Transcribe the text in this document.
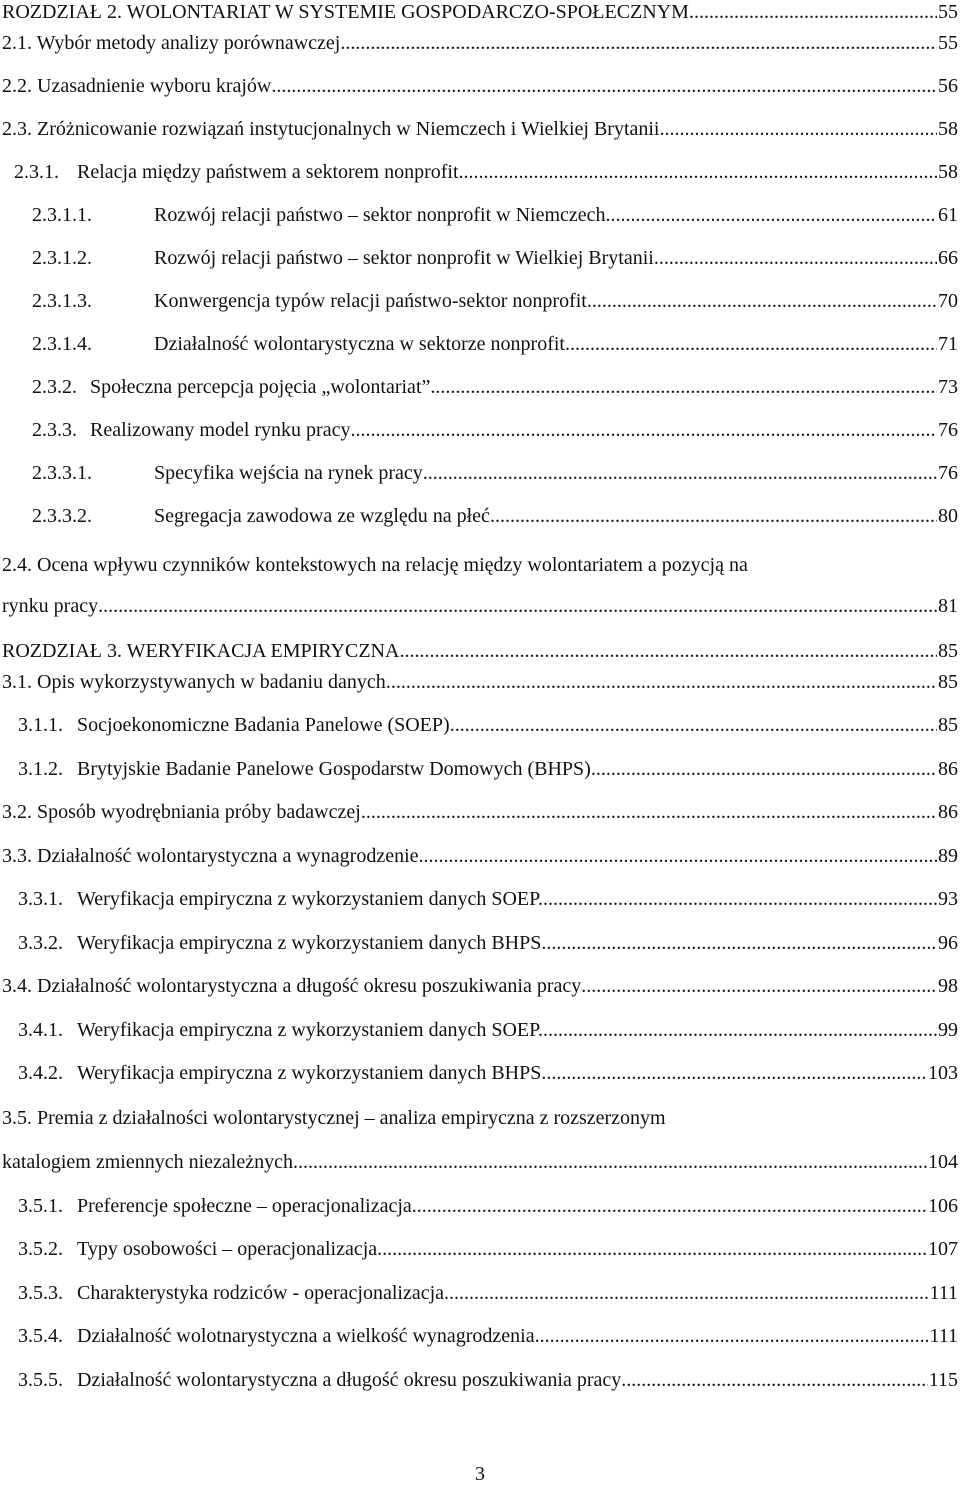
ROZDZIAŁ 2. WOLONTARIAT W SYSTEMIE GOSPODARCZO-SPOŁECZNYM .....	55
2.1. Wybór metody analizy porównawczej .....	55
2.2. Uzasadnienie wyboru krajów .....	56
2.3. Zróżnicowanie rozwiązań instytucjonalnych w Niemczech i Wielkiej Brytanii .....	58
2.3.1. Relacja między państwem a sektorem nonprofit .....	58
2.3.1.1.	Rozwój relacji państwo – sektor nonprofit w Niemczech .....	61
2.3.1.2.	Rozwój relacji państwo – sektor nonprofit w Wielkiej Brytanii .....	66
2.3.1.3.	Konwergencja typów relacji państwo-sektor nonprofit .....	70
2.3.1.4.	Działalność wolontarystyczna w sektorze nonprofit .....	71
2.3.2. Społeczna percepcja pojęcia „wolontariat” .....	73
2.3.3. Realizowany model rynku pracy .....	76
2.3.3.1.	Specyfika wejścia na rynek pracy .....	76
2.3.3.2.	Segregacja zawodowa ze względu na płeć .....	80
2.4. Ocena wpływu czynników kontekstowych na relację między wolontariatem a pozycją na
rynku pracy .....	81
ROZDZIAŁ 3. WERYFIKACJA EMPIRYCZNA .....	85
3.1. Opis wykorzystywanych w badaniu danych .....	85
3.1.1. Socjoekonomiczne Badania Panelowe (SOEP) .....	85
3.1.2. Brytyjskie Badanie Panelowe Gospodarstw Domowych (BHPS) .....	86
3.2. Sposób wyodrębniania próby badawczej .....	86
3.3. Działalność wolontarystyczna a wynagrodzenie .....	89
3.3.1. Weryfikacja empiryczna z wykorzystaniem danych SOEP. .....	93
3.3.2. Weryfikacja empiryczna z wykorzystaniem danych BHPS. .....	96
3.4. Działalność wolontarystyczna a długość okresu poszukiwania pracy .....	98
3.4.1. Weryfikacja empiryczna z wykorzystaniem danych SOEP. .....	99
3.4.2. Weryfikacja empiryczna z wykorzystaniem danych BHPS. .....	103
3.5. Premia z działalności wolontarystycznej – analiza empiryczna z rozszerzonym
katalogiem zmiennych niezależnych .....	104
3.5.1. Preferencje społeczne – operacjonalizacja .....	106
3.5.2. Typy osobowości – operacjonalizacja .....	107
3.5.3. Charakterystyka rodziców - operacjonalizacja .....	111
3.5.4. Działalność wolotnarystyczna a wielkość wynagrodzenia .....	111
3.5.5. Działalność wolontarystyczna a długość okresu poszukiwania pracy .....	115
3
